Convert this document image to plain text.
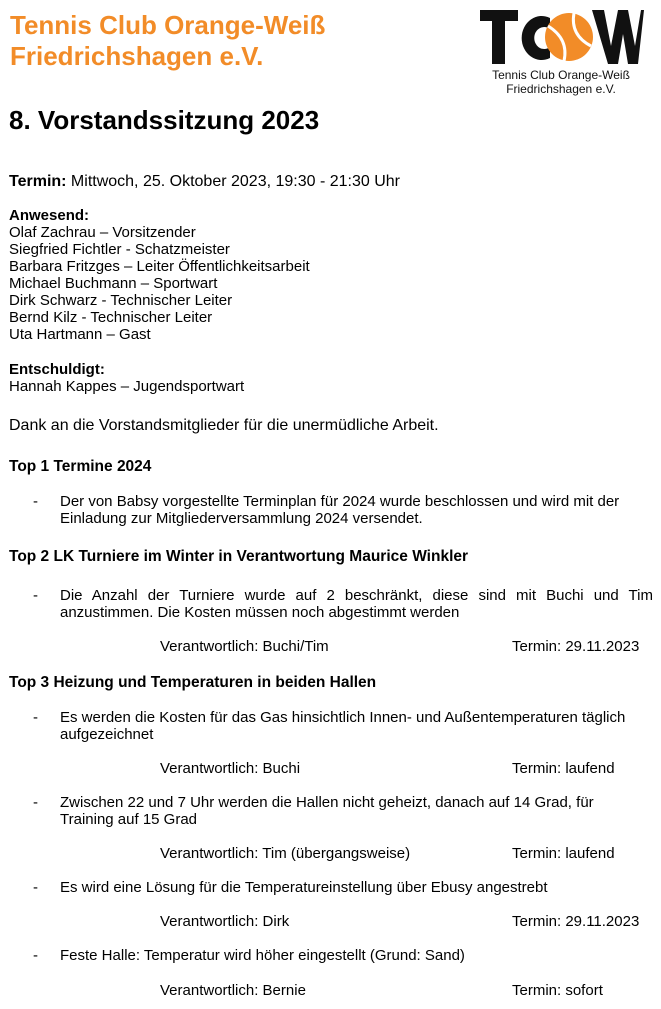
Tennis Club Orange-Weiß
Friedrichshagen e.V.
TCOW
Tennis Club Orange-Weiß
Friedrichshagen e.V.
8. Vorstandssitzung 2023
Termin: Mittwoch, 25. Oktober 2023, 19:30 - 21:30 Uhr
Anwesend:
Olaf Zachrau – Vorsitzender
Siegfried Fichtler - Schatzmeister
Barbara Fritzges – Leiter Öffentlichkeitsarbeit
Michael Buchmann – Sportwart
Dirk Schwarz - Technischer Leiter
Bernd Kilz - Technischer Leiter
Uta Hartmann – Gast
Entschuldigt:
Hannah Kappes – Jugendsportwart
Dank an die Vorstandsmitglieder für die unermüdliche Arbeit.
Top 1 Termine 2024
- Der von Babsy vorgestellte Terminplan für 2024 wurde beschlossen und wird mit der
Einladung zur Mitgliederversammlung 2024 versendet.
Top 2 LK Turniere im Winter in Verantwortung Maurice Winkler
- Die Anzahl der Turniere wurde auf 2 beschränkt, diese sind mit Buchi und Tim
anzustimmen. Die Kosten müssen noch abgestimmt werden
Verantwortlich: Buchi/Tim	Termin: 29.11.2023
Top 3 Heizung und Temperaturen in beiden Hallen
- Es werden die Kosten für das Gas hinsichtlich Innen- und Außentemperaturen täglich
aufgezeichnet
Verantwortlich: Buchi	Termin: laufend
- Zwischen 22 und 7 Uhr werden die Hallen nicht geheizt, danach auf 14 Grad, für
Training auf 15 Grad
Verantwortlich: Tim (übergangsweise)	Termin: laufend
- Es wird eine Lösung für die Temperatureinstellung über Ebusy angestrebt
Verantwortlich: Dirk	Termin: 29.11.2023
- Feste Halle: Temperatur wird höher eingestellt (Grund: Sand)
Verantwortlich: Bernie	Termin: sofort
